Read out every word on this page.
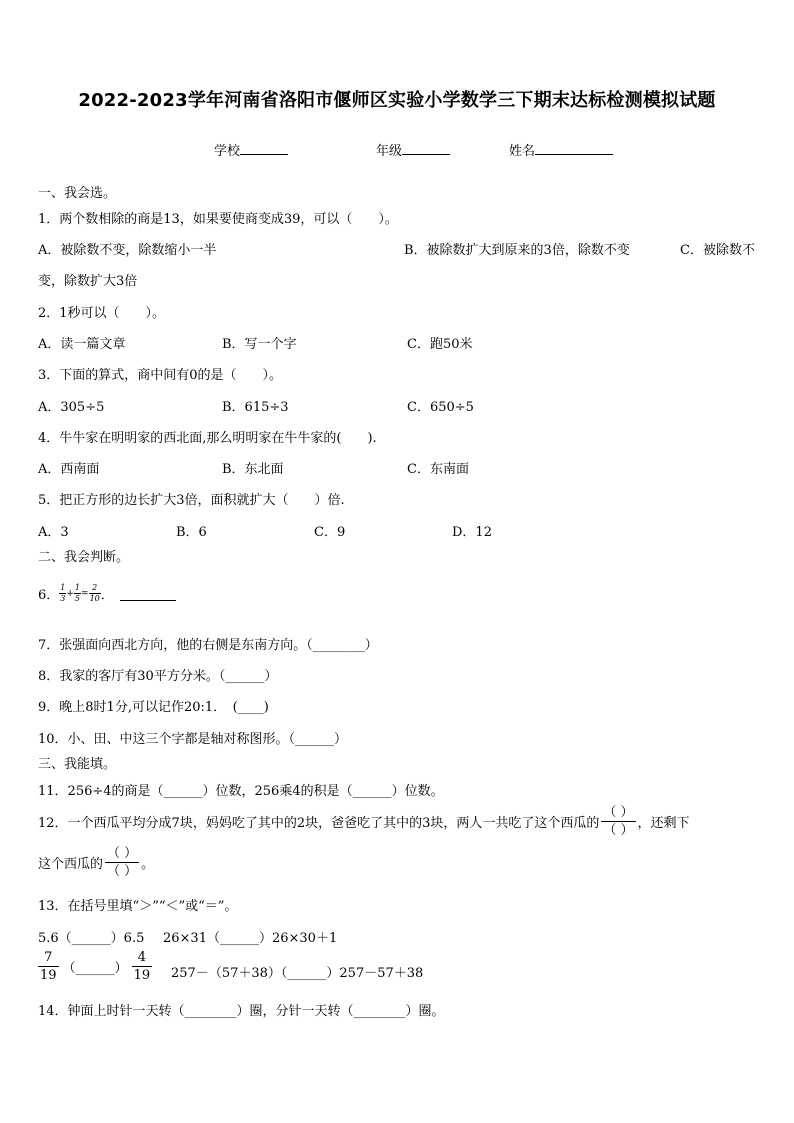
2022-2023学年河南省洛阳市偃师区实验小学数学三下期末达标检测模拟试题
学校	年级	姓名
一、我会选。
1．两个数相除的商是13，如果要使商变成39，可以（　　）。
A．被除数不变，除数缩小一半	B．被除数扩大到原来的3倍，除数不变	C．被除数不
变，除数扩大3倍
2．1秒可以（　　）。
A．读一篇文章	B．写一个字	C．跑50米
3．下面的算式，商中间有0的是（　　）。
A．305÷5	B．615÷3	C．650÷5
4．牛牛家在明明家的西北面,那么明明家在牛牛家的(　　).
A．西南面	B．东北面	C．东南面
5．把正方形的边长扩大3倍，面积就扩大（　　）倍.
A．3	B．6	C．9	D．12
二、我会判断。
6． $\frac{1}{3} + \frac{1}{5} = \frac{2}{10}$ ．
7．张强面向西北方向，他的右侧是东南方向。（________）
8．我家的客厅有30平方分米。（______）
9．晚上8时1分,可以记作20:1．　(____)
10．小、田、中这三个字都是轴对称图形。（______）
三、我能填。
11．256÷4的商是（______）位数，256乘4的积是（______）位数。
12．一个西瓜平均分成7块，妈妈吃了其中的2块，爸爸吃了其中的3块，两人一共吃了这个西瓜的 $\frac{( )}{( )}$ ，还剩下
这个西瓜的 $\frac{( )}{( )}$ 。
13．在括号里填“＞”“＜”或“＝”。
5.6（______）6.5 26×31（______）26×30＋1
$\frac{7}{19}$ （______） $\frac{4}{19}$ 257－（57＋38）（______）257－57＋38
14．钟面上时针一天转（________）圈，分针一天转（________）圈。
